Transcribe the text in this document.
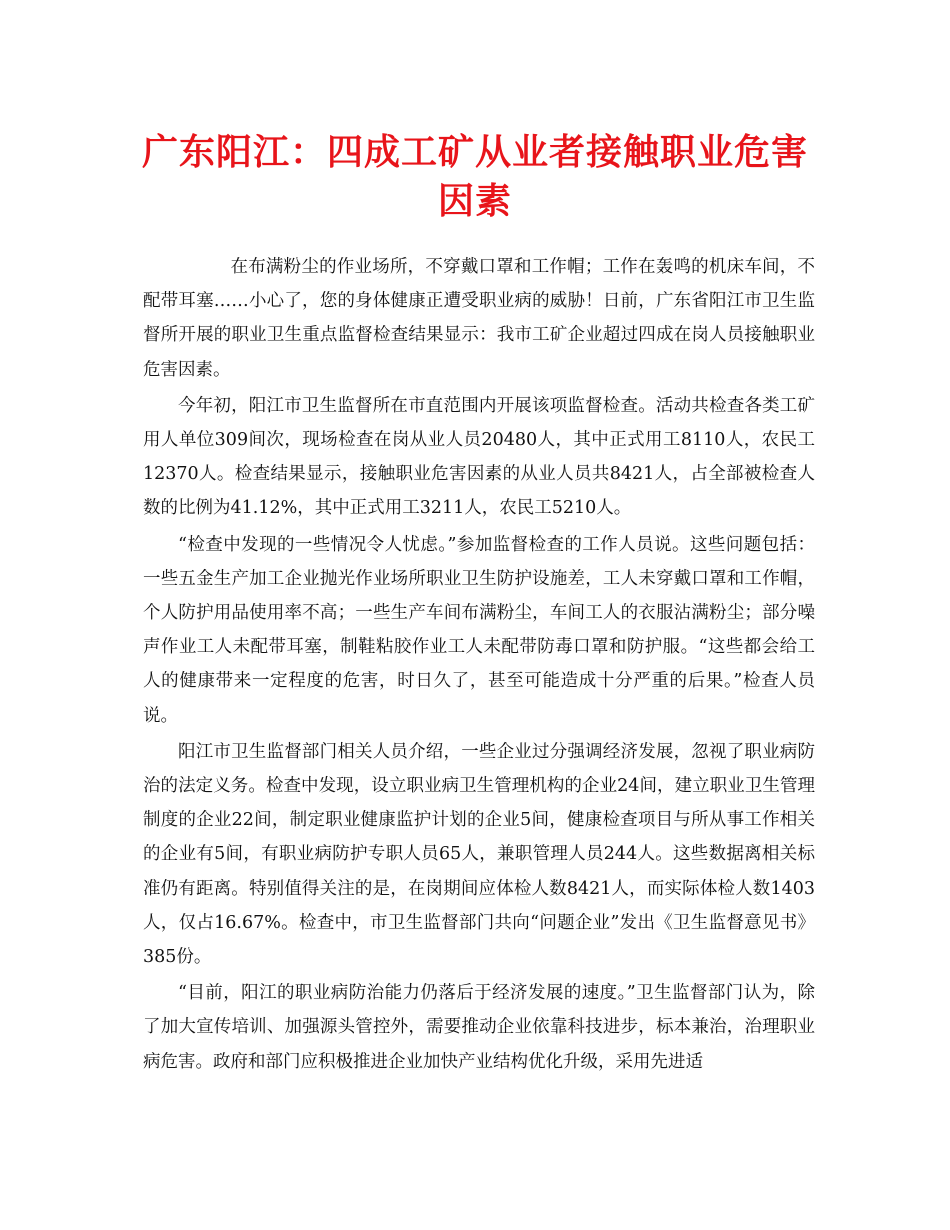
广东阳江：四成工矿从业者接触职业危害因素

在布满粉尘的作业场所，不穿戴口罩和工作帽；工作在轰鸣的机床车间，不配带耳塞……小心了，您的身体健康正遭受职业病的威胁！日前，广东省阳江市卫生监督所开展的职业卫生重点监督检查结果显示：我市工矿企业超过四成在岗人员接触职业危害因素。

今年初，阳江市卫生监督所在市直范围内开展该项监督检查。活动共检查各类工矿用人单位309间次，现场检查在岗从业人员20480人，其中正式用工8110人，农民工12370人。检查结果显示，接触职业危害因素的从业人员共8421人，占全部被检查人数的比例为41.12%，其中正式用工3211人，农民工5210人。

“检查中发现的一些情况令人忧虑。”参加监督检查的工作人员说。这些问题包括：一些五金生产加工企业抛光作业场所职业卫生防护设施差，工人未穿戴口罩和工作帽，个人防护用品使用率不高；一些生产车间布满粉尘，车间工人的衣服沾满粉尘；部分噪声作业工人未配带耳塞，制鞋粘胶作业工人未配带防毒口罩和防护服。“这些都会给工人的健康带来一定程度的危害，时日久了，甚至可能造成十分严重的后果。”检查人员说。

阳江市卫生监督部门相关人员介绍，一些企业过分强调经济发展，忽视了职业病防治的法定义务。检查中发现，设立职业病卫生管理机构的企业24间，建立职业卫生管理制度的企业22间，制定职业健康监护计划的企业5间，健康检查项目与所从事工作相关的企业有5间，有职业病防护专职人员65人，兼职管理人员244人。这些数据离相关标准仍有距离。特别值得关注的是，在岗期间应体检人数8421人，而实际体检人数1403人，仅占16.67%。检查中，市卫生监督部门共向“问题企业”发出《卫生监督意见书》385份。

“目前，阳江的职业病防治能力仍落后于经济发展的速度。”卫生监督部门认为，除了加大宣传培训、加强源头管控外，需要推动企业依靠科技进步，标本兼治，治理职业病危害。政府和部门应积极推进企业加快产业结构优化升级，采用先进适
